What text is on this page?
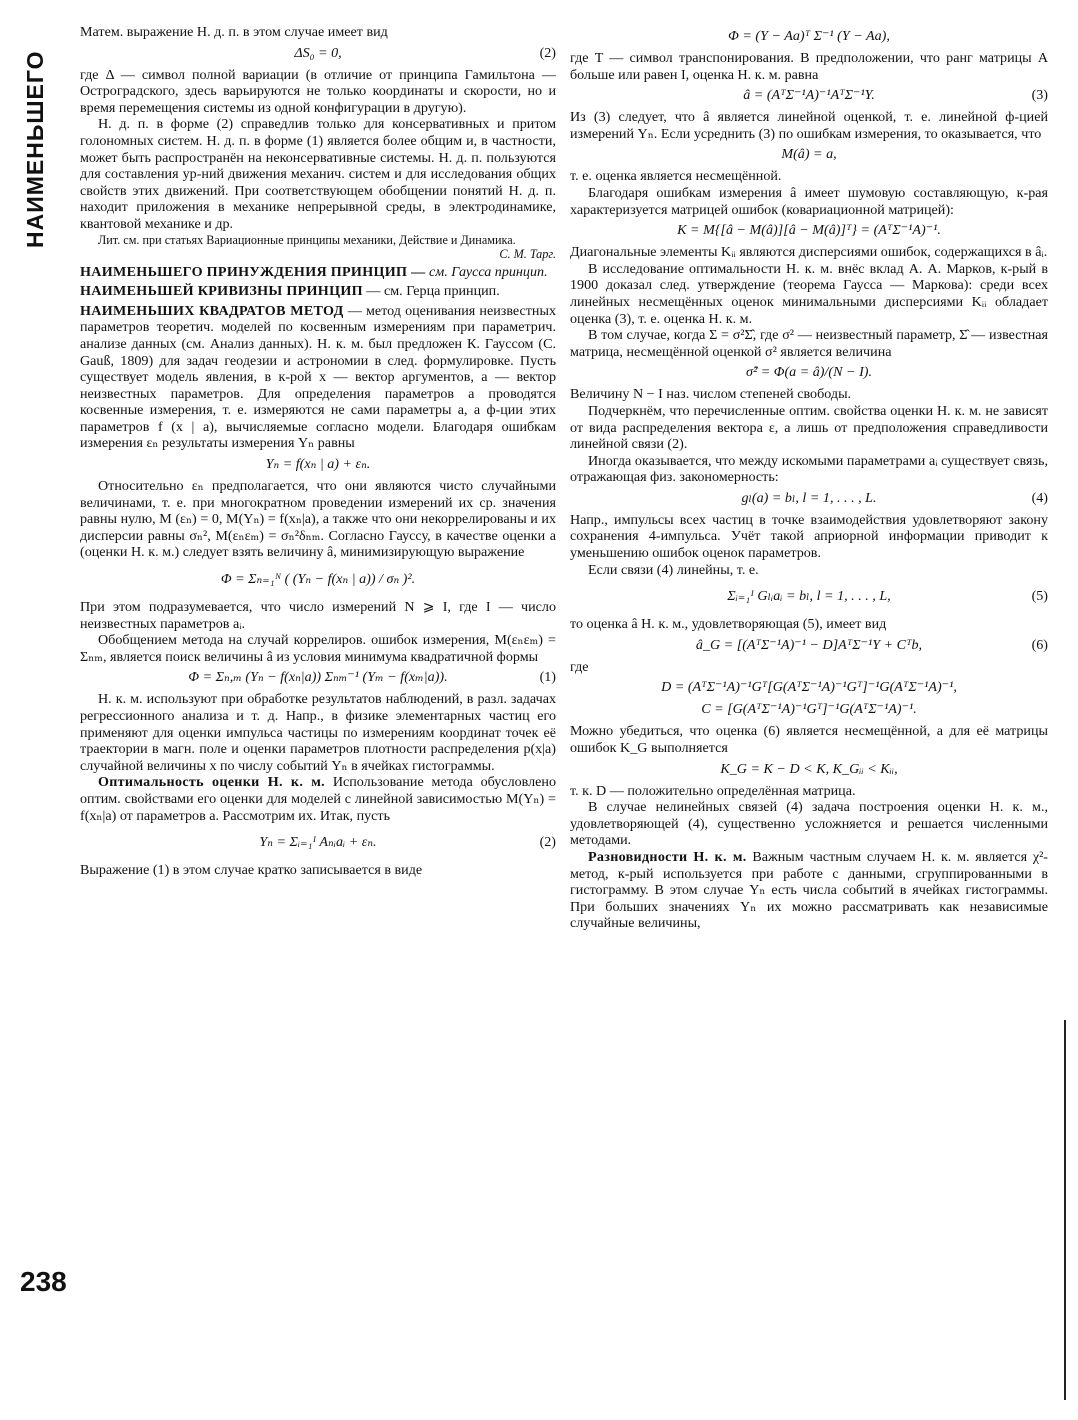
НАИМЕНЬШЕГО
238

Матем. выражение Н. д. п. в этом случае имеет вид

ΔS₀ = 0,	(2)

где Δ — символ полной вариации (в отличие от принципа Гамильтона — Остроградского, здесь варьируются не только координаты и скорости, но и время перемещения системы из одной конфигурации в другую).

Н. д. п. в форме (2) справедлив только для консервативных и притом голономных систем. Н. д. п. в форме (1) является более общим и, в частности, может быть распространён на неконсервативные системы. Н. д. п. пользуются для составления ур-ний движения механич. систем и для исследования общих свойств этих движений. При соответствующем обобщении понятий Н. д. п. находит приложения в механике непрерывной среды, в электродинамике, квантовой механике и др.

Лит. см. при статьях Вариационные принципы механики, Действие и Динамика.
С. М. Тарг.

НАИМЕНЬШЕГО ПРИНУЖДЕНИЯ ПРИНЦИП — см. Гаусса принцип.

НАИМЕНЬШЕЙ КРИВИЗНЫ ПРИНЦИП — см. Герца принцип.

НАИМЕНЬШИХ КВАДРАТОВ МЕТОД — метод оценивания неизвестных параметров теоретич. моделей по косвенным измерениям при параметрич. анализе данных (см. Анализ данных). Н. к. м. был предложен К. Гауссом (C. Gauß, 1809) для задач геодезии и астрономии в след. формулировке. Пусть существует модель явления, в к-рой x — вектор аргументов, a — вектор неизвестных параметров. Для определения параметров a проводятся косвенные измерения, т. е. измеряются не сами параметры a, а ф-ции этих параметров f (x | a), вычисляемые согласно модели. Благодаря ошибкам измерения εₙ результаты измерения Yₙ равны

Yₙ = f(xₙ | a) + εₙ.

Относительно εₙ предполагается, что они являются чисто случайными величинами, т. е. при многократном проведении измерений их ср. значения равны нулю, M (εₙ) = 0, M(Yₙ) = f(xₙ|a), а также что они некоррелированы и их дисперсии равны σₙ², M(εₙεₘ) = σₙ²δₙₘ. Согласно Гауссу, в качестве оценки a (оценки Н. к. м.) следует взять величину â, минимизирующую выражение

Φ = Σₙ₌₁ᴺ ( (Yₙ − f(xₙ | a)) / σₙ )².

При этом подразумевается, что число измерений N ⩾ I, где I — число неизвестных параметров aᵢ.

Обобщением метода на случай коррелиров. ошибок измерения, M(εₙεₘ) = Σₙₘ, является поиск величины â из условия минимума квадратичной формы

Φ = Σₙ,ₘ (Yₙ − f(xₙ|a)) Σₙₘ⁻¹ (Yₘ − f(xₘ|a)).	(1)

Н. к. м. используют при обработке результатов наблюдений, в разл. задачах регрессионного анализа и т. д. Напр., в физике элементарных частиц его применяют для оценки импульса частицы по измерениям координат точек её траектории в магн. поле и оценки параметров плотности распределения p(x|a) случайной величины x по числу событий Yₙ в ячейках гистограммы.

Оптимальность оценки Н. к. м. Использование метода обусловлено оптим. свойствами его оценки для моделей с линейной зависимостью M(Yₙ) = f(xₙ|a) от параметров a. Рассмотрим их. Итак, пусть

Yₙ = Σᵢ₌₁ᴵ Aₙᵢaᵢ + εₙ.	(2)

Выражение (1) в этом случае кратко записывается в виде

Φ = (Y − Aa)ᵀ Σ⁻¹ (Y − Aa),

где T — символ транспонирования. В предположении, что ранг матрицы A больше или равен I, оценка Н. к. м. равна

â = (AᵀΣ⁻¹A)⁻¹AᵀΣ⁻¹Y.	(3)

Из (3) следует, что â является линейной оценкой, т. е. линейной ф-цией измерений Yₙ. Если усреднить (3) по ошибкам измерения, то оказывается, что

M(â) = a,

т. е. оценка является несмещённой.

Благодаря ошибкам измерения â имеет шумовую составляющую, к-рая характеризуется матрицей ошибок (ковариационной матрицей):

K = M{[â − M(â)][â − M(â)]ᵀ} = (AᵀΣ⁻¹A)⁻¹.

Диагональные элементы Kᵢᵢ являются дисперсиями ошибок, содержащихся в âᵢ.

В исследование оптимальности Н. к. м. внёс вклад А. А. Марков, к-рый в 1900 доказал след. утверждение (теорема Гаусса — Маркова): среди всех линейных несмещённых оценок минимальными дисперсиями Kᵢᵢ обладает оценка (3), т. е. оценка Н. к. м.

В том случае, когда Σ = σ²Σ̂, где σ² — неизвестный параметр, Σ̂ — известная матрица, несмещённой оценкой σ² является величина

σ̂² = Φ(a = â)/(N − I).

Величину N − I наз. числом степеней свободы.

Подчеркнём, что перечисленные оптим. свойства оценки Н. к. м. не зависят от вида распределения вектора ε, а лишь от предположения справедливости линейной связи (2).

Иногда оказывается, что между искомыми параметрами aᵢ существует связь, отражающая физ. закономерность:

gₗ(a) = bₗ, l = 1, . . . , L.	(4)

Напр., импульсы всех частиц в точке взаимодействия удовлетворяют закону сохранения 4-импульса. Учёт такой априорной информации приводит к уменьшению ошибок оценок параметров.

Если связи (4) линейны, т. е.

Σᵢ₌₁ᴵ Gₗᵢaᵢ = bₗ, l = 1, . . . , L,	(5)

то оценка â Н. к. м., удовлетворяющая (5), имеет вид

â_G = [(AᵀΣ⁻¹A)⁻¹ − D]AᵀΣ⁻¹Y + Cᵀb,	(6)

где

D = (AᵀΣ⁻¹A)⁻¹Gᵀ[G(AᵀΣ⁻¹A)⁻¹Gᵀ]⁻¹G(AᵀΣ⁻¹A)⁻¹,
C = [G(AᵀΣ⁻¹A)⁻¹Gᵀ]⁻¹G(AᵀΣ⁻¹A)⁻¹.

Можно убедиться, что оценка (6) является несмещённой, а для её матрицы ошибок K_G выполняется

K_G = K − D < K, K_Gᵢᵢ < Kᵢᵢ,

т. к. D — положительно определённая матрица.

В случае нелинейных связей (4) задача построения оценки Н. к. м., удовлетворяющей (4), существенно усложняется и решается численными методами.

Разновидности Н. к. м. Важным частным случаем Н. к. м. является χ²-метод, к-рый используется при работе с данными, сгруппированными в гистограмму. В этом случае Yₙ есть числа событий в ячейках гистограммы. При больших значениях Yₙ их можно рассматривать как независимые случайные величины,
